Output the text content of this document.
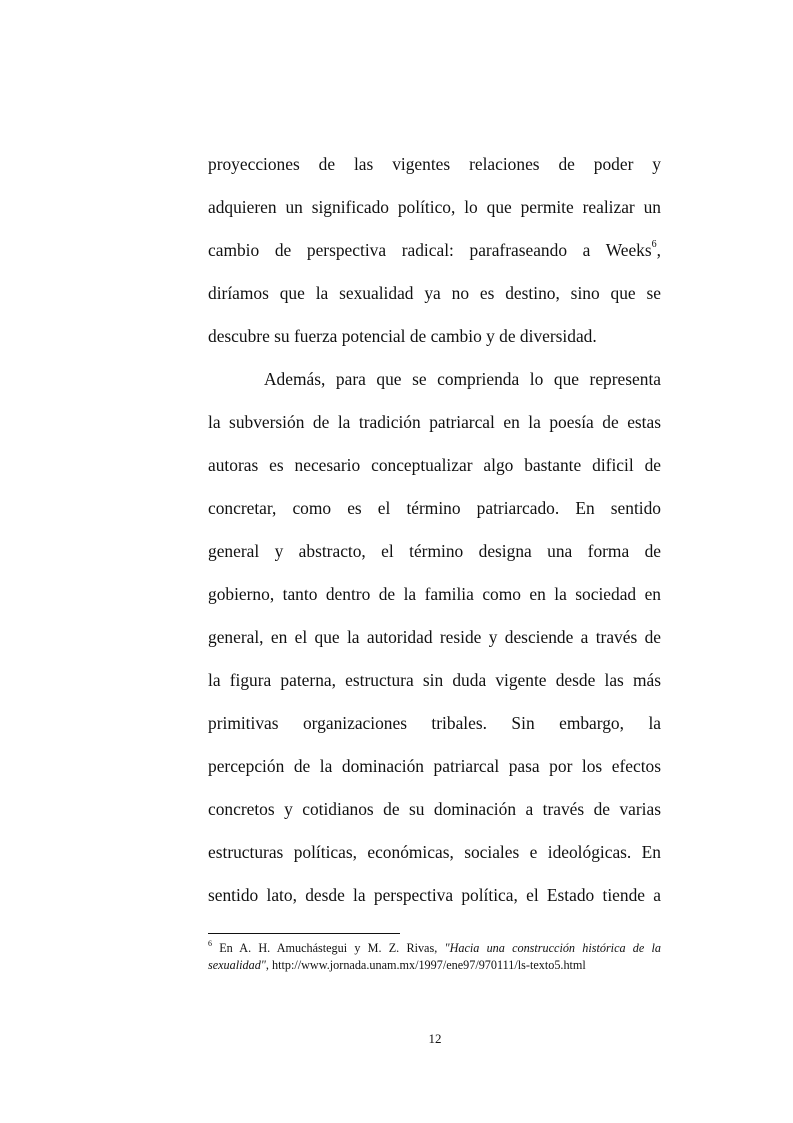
proyecciones de las vigentes relaciones de poder y
adquieren un significado político, lo que permite realizar un
cambio de perspectiva radical: parafraseando a Weeks$^6$,
diríamos que la sexualidad ya no es destino, sino que se
descubre su fuerza potencial de cambio y de diversidad.
Además, para que se comprienda lo que representa
la subversión de la tradición patriarcal en la poesía de estas
autoras es necesario conceptualizar algo bastante dificil de
concretar, como es el término patriarcado. En sentido
general y abstracto, el término designa una forma de
gobierno, tanto dentro de la familia como en la sociedad en
general, en el que la autoridad reside y desciende a través de
la figura paterna, estructura sin duda vigente desde las más
primitivas organizaciones tribales. Sin embargo, la
percepción de la dominación patriarcal pasa por los efectos
concretos y cotidianos de su dominación a través de varias
estructuras políticas, económicas, sociales e ideológicas. En
sentido lato, desde la perspectiva política, el Estado tiende a
$^6$ En A. H. Amuchástegui y M. Z. Rivas, "Hacia una construcción histórica de la
sexualidad", http://www.jornada.unam.mx/1997/ene97/970111/ls-texto5.html
12
